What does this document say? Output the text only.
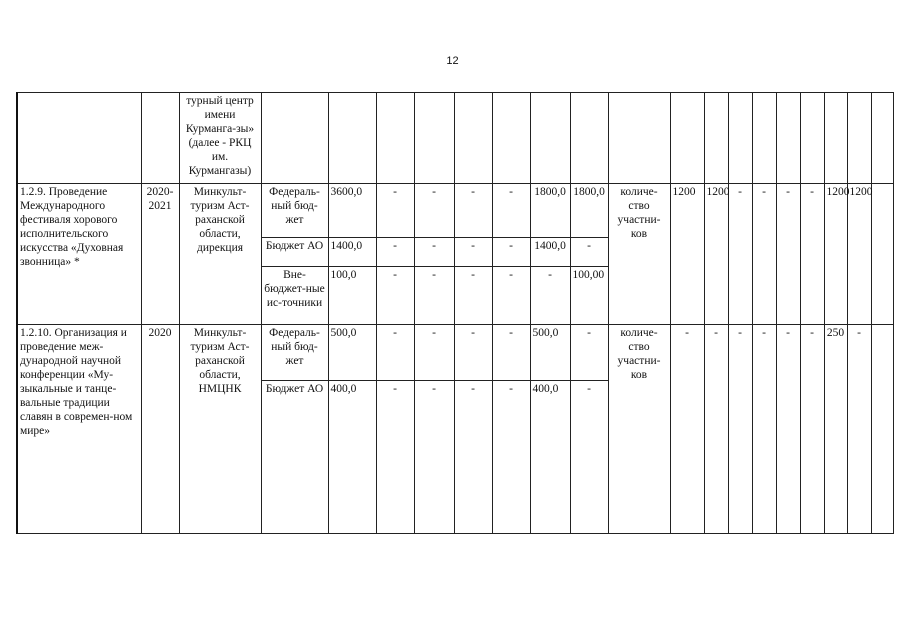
12
		турный центр имени Курманга-зы» (далее - РКЦ им. Курмангазы)																		
1.2.9. Проведение Международного фестиваля хорового исполнительского искусства «Духовная звонница» *	2020-2021	Минкульт-туризм Аст-раханской области, дирекция	Федераль-ный бюд-жет	3600,0	-	-	-	-	1800,0	1800,0	количе-ство участни-ков	1200	1200	-	-	-	-	1200	1200	
			Бюджет АО	1400,0	-	-	-	-	1400,0	-										
			Вне-бюджет-ные ис-точники	100,0	-	-	-	-	-	100,00										
1.2.10. Организация и проведение меж-дународной научной конференции «Му-зыкальные и танце-вальные традиции славян в современ-ном мире»	2020	Минкульт-туризм Аст-раханской области, НМЦНК	Федераль-ный бюд-жет	500,0	-	-	-	-	500,0	-	количе-ство участни-ков	-	-	-	-	-	-	250	-	
			Бюджет АО	400,0	-	-	-	-	400,0	-										
